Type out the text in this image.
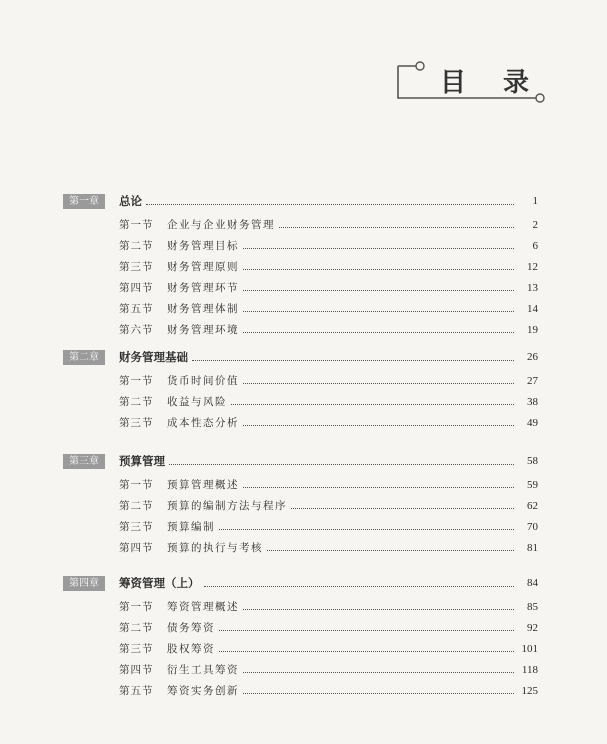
目 录
第一章	总论	1
第一节	企业与企业财务管理	2
第二节	财务管理目标	6
第三节	财务管理原则	12
第四节	财务管理环节	13
第五节	财务管理体制	14
第六节	财务管理环境	19
第二章	财务管理基础	26
第一节	货币时间价值	27
第二节	收益与风险	38
第三节	成本性态分析	49
第三章	预算管理	58
第一节	预算管理概述	59
第二节	预算的编制方法与程序	62
第三节	预算编制	70
第四节	预算的执行与考核	81
第四章	筹资管理（上）	84
第一节	筹资管理概述	85
第二节	债务筹资	92
第三节	股权筹资	101
第四节	衍生工具筹资	118
第五节	筹资实务创新	125
